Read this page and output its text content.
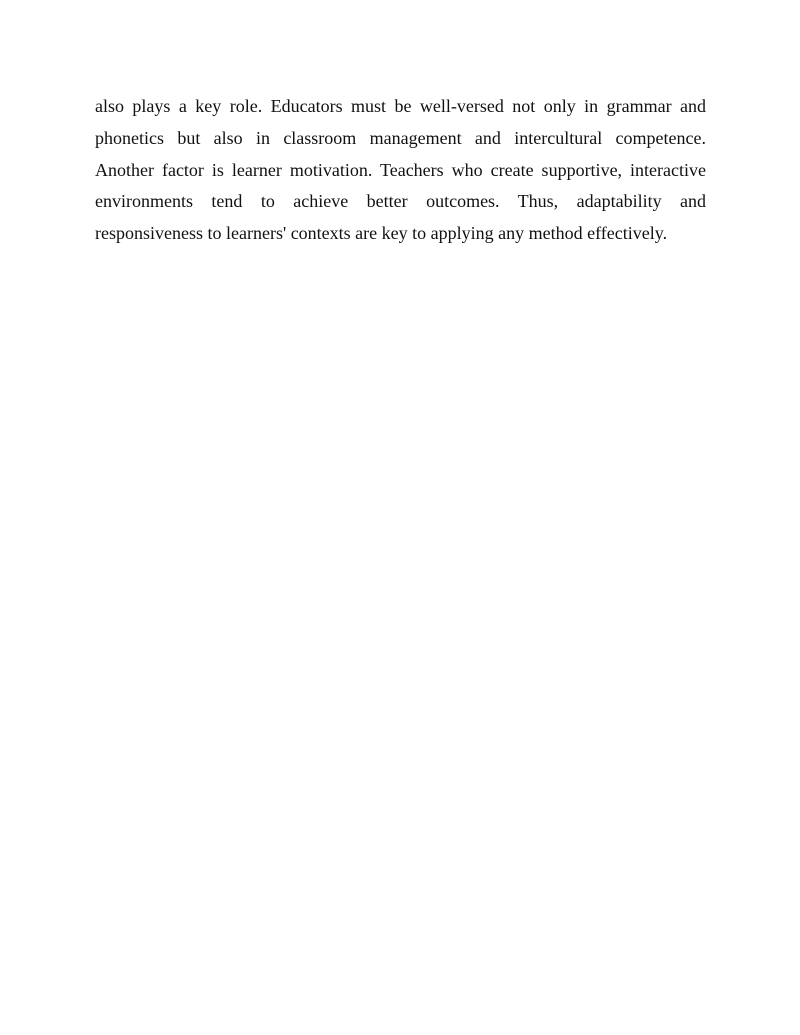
also plays a key role. Educators must be well-versed not only in grammar and
phonetics but also in classroom management and intercultural competence.
Another factor is learner motivation. Teachers who create supportive, interactive
environments tend to achieve better outcomes. Thus, adaptability and
responsiveness to learners' contexts are key to applying any method effectively.
